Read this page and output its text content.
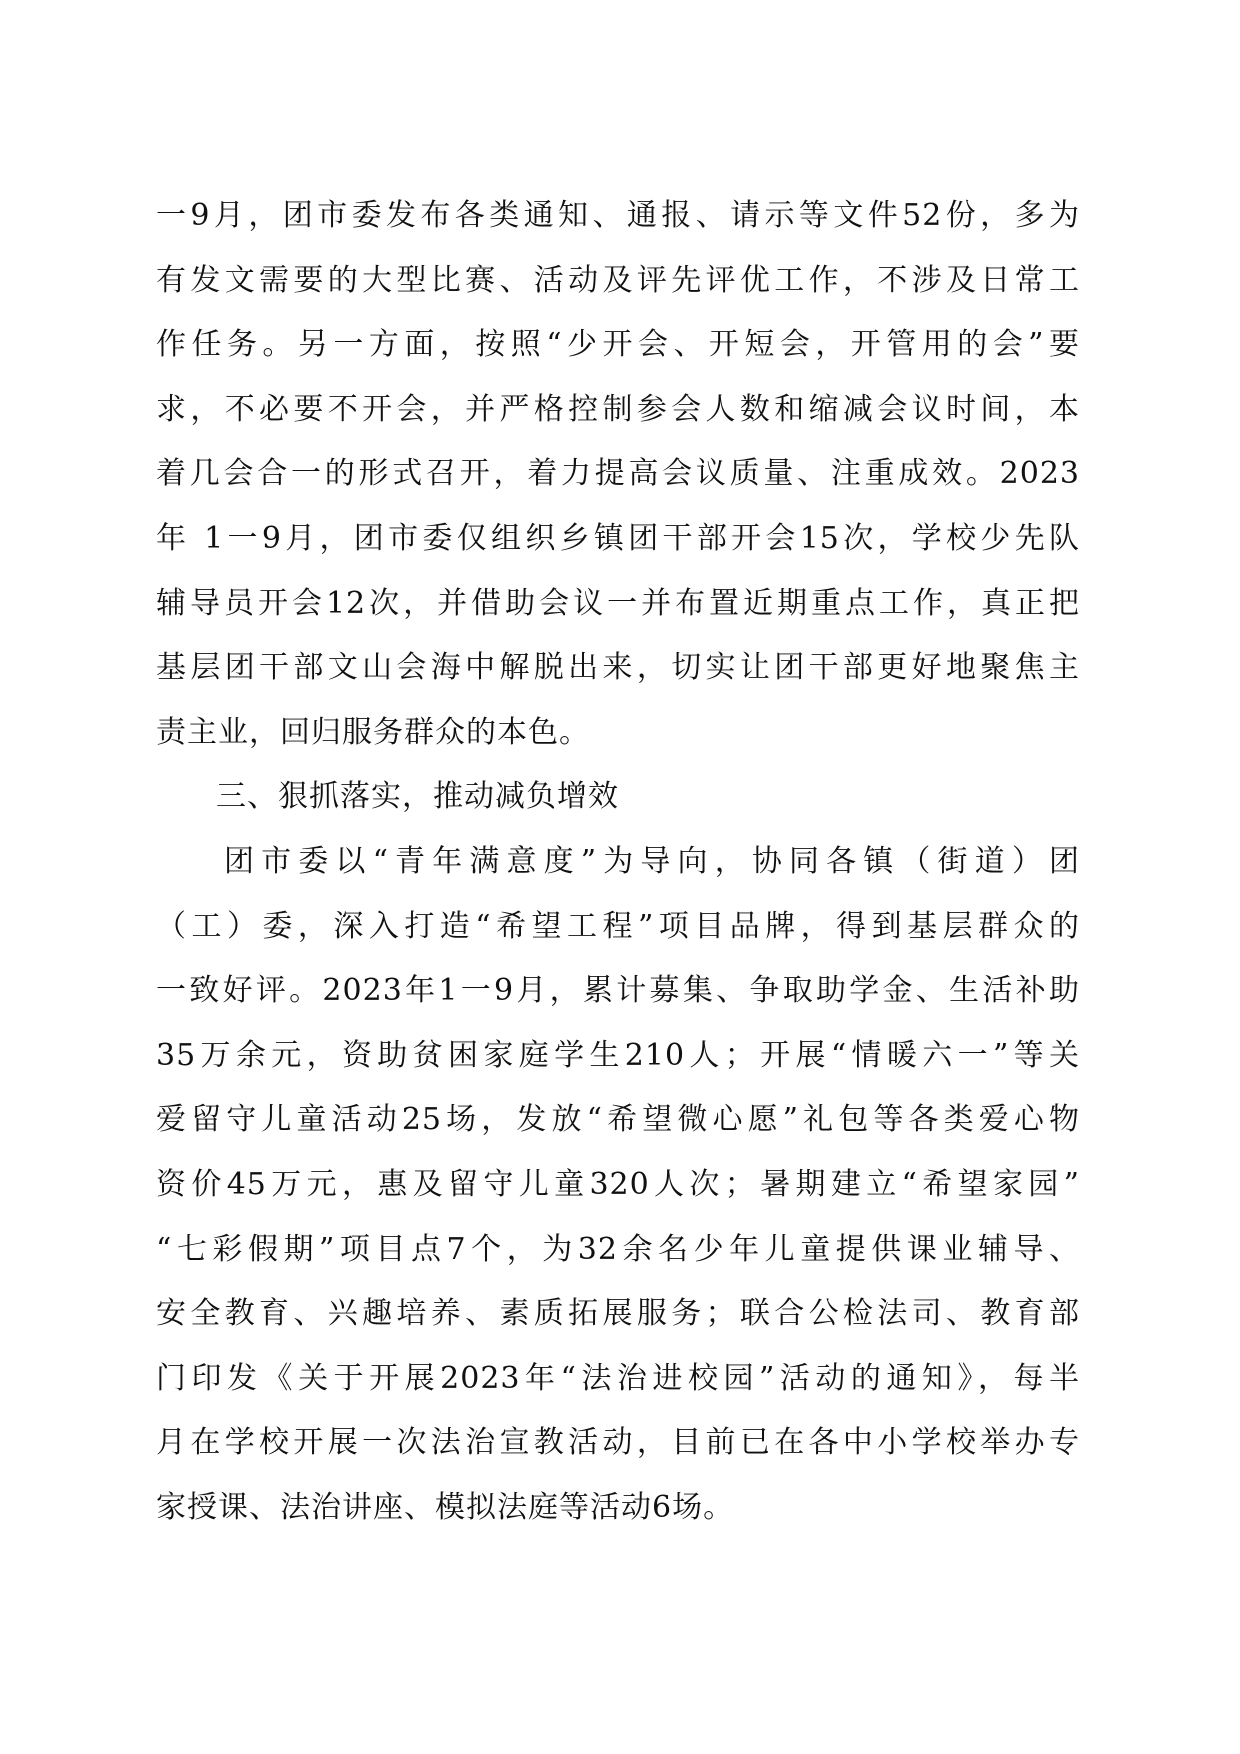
一9月，团市委发布各类通知、通报、请示等文件52份，多为
有发文需要的大型比赛、活动及评先评优工作，不涉及日常工
作任务。另一方面，按照“少开会、开短会，开管用的会”要
求，不必要不开会，并严格控制参会人数和缩减会议时间，本
着几会合一的形式召开，着力提高会议质量、注重成效。2023
年 1一9月，团市委仅组织乡镇团干部开会15次，学校少先队
辅导员开会12次，并借助会议一并布置近期重点工作，真正把
基层团干部文山会海中解脱出来，切实让团干部更好地聚焦主
责主业，回归服务群众的本色。
三、狠抓落实，推动减负增效
团市委以“青年满意度”为导向，协同各镇（街道）团
（工）委，深入打造“希望工程”项目品牌，得到基层群众的
一致好评。2023年1一9月，累计募集、争取助学金、生活补助
35万余元，资助贫困家庭学生210人；开展“情暖六一”等关
爱留守儿童活动25场，发放“希望微心愿”礼包等各类爱心物
资价45万元，惠及留守儿童320人次；暑期建立“希望家园”
“七彩假期”项目点7个，为32余名少年儿童提供课业辅导、
安全教育、兴趣培养、素质拓展服务；联合公检法司、教育部
门印发《关于开展2023年“法治进校园”活动的通知》，每半
月在学校开展一次法治宣教活动，目前已在各中小学校举办专
家授课、法治讲座、模拟法庭等活动6场。
